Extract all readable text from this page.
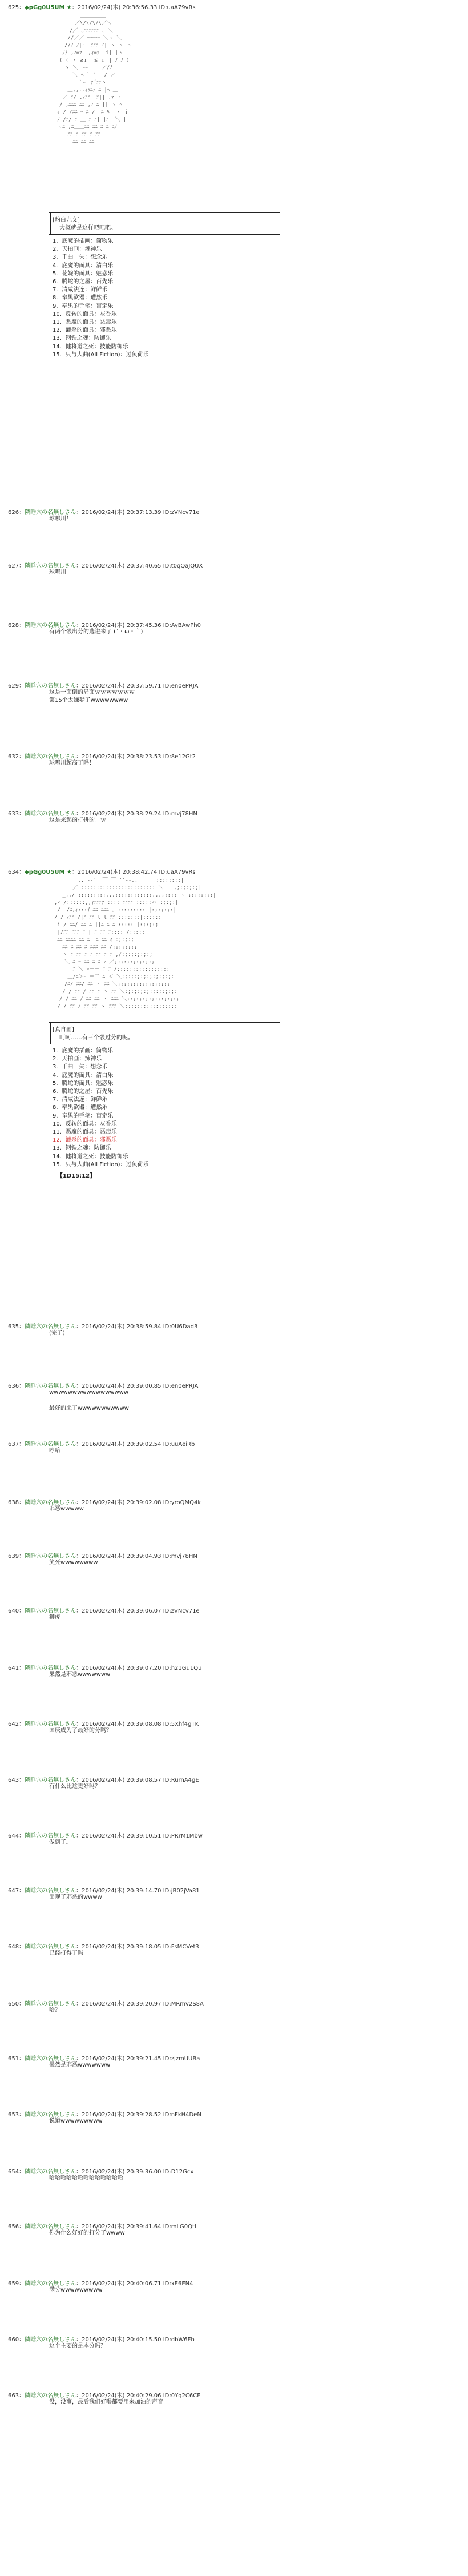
625：◆pGg0U5UM ★：2016/02/24(木) 20:36:56.33 ID:uaA79vRs
　　　　　　＿＿＿＿＿
　　　　　／\/\/\/\／＼
　　　　/／ ､ﾆﾆﾆﾆﾆﾆ ､ ＼
　　　 //／／ ｰｰｰｰｰ ＼ヽ ＼
　　　//ﾉ ﾉ|ﾄ  ﾆﾆﾆ ｲ| ヽ ヽ ヽ
　　 ﾉﾉ ,ｨ=ｧ  ,ｨ=ｧ  i| |ヽ
　　( ( ヽ ≧ｒ  ≦ ｒ | ﾉ ﾉ )
　　　ヽ ＼　ｰｰ　　 ／/ﾉ
　　　　 ＼ ﾍ ` ´ ＿/ ／
　　　　　 ｀ｰ－ｧ´ﾆﾆヽ
　　　 ＿,,..ｨｩﾆｧ ﾆ |ﾍ ＿
　　 ／ ﾆ/ ,ｨﾆﾆ  ﾆ|| ,ｧ ヽ
　　/ ,ﾆﾆﾆ ﾆﾆ ,ｨ ﾆ || ヽ ﾍ
　 ｨ / /ﾆﾆ ｰ ﾆ /  ﾆ ﾊ  ヽ ｉ
　 ﾉ /ﾆ/ ﾆ ＿ ﾆ ﾆ| |ﾆ  ＼ |
　 ヽﾆ ,ﾆ＿＿ﾆﾆ ﾆﾆ ﾆ ﾆ ﾆﾉ
　　　 ﾆﾆ ﾆ ﾆﾆ ﾆ ﾆﾆ
　　　　 ﾆﾆ ﾆﾆ ﾆﾆ
[豹白九文]
大概就是这样吧吧吧。
1．底魔的插画：简物乐
2．天拍画：辣神乐
3．千曲一失：想念乐
4．底魔的面具：清白乐
5．花婉的面具：魅惑乐
6．腾蛇的之屋：百先乐
7．清咸法连：鲜鲜乐
8．奉黑欲器：遭然乐
9．奉黑的手笔：盲定乐
10．反转的面具：灰香乐
11．恶魔的面具：恶毒乐
12．灌杀的面具：邪恶乐
13．钢铁之魂：防御乐
14．健将道之死：技能防御乐
15．只与大曲(All Fiction)：过负荷乐
626：隣睡穴の名無しさん：2016/02/24(木) 20:37:13.39 ID:zVNcv71e
球哪川！
627：隣睡穴の名無しさん：2016/02/24(木) 20:37:40.65 ID:t0qQaJQUX
球哪川
628：隣睡穴の名無しさん：2016/02/24(木) 20:37:45.36 ID:AyBAwPh0
有两个骰出分的选进来了 (´・ω・｀)
629：隣睡穴の名無しさん：2016/02/24(木) 20:37:59.71 ID:en0ePRJA
这是一面倒的局面ｗｗｗｗｗｗｗ
第15个太嫌疑了wwwwwwww
632：隣睡穴の名無しさん：2016/02/24(木) 20:38:23.53 ID:8e12Gt2
球哪川超高了吗！
633：隣睡穴の名無しさん：2016/02/24(木) 20:38:29.24 ID:mvj78HN
这是来起的打拼的！ｗ
634：◆pGg0U5UM ★：2016/02/24(木) 20:38:42.74 ID:uaA79vRs
　　　　　 ,. -‐'' ￣ ￣ ''‐-.,　　　 ;:;:;:;:|
　　　　 ／ :::::::::::::::::::::::: ＼　　,;:;:;:;|
　　 _,,/ :::::::::,,,::::::::::::,,,,:::: ヽ ;:;:;:;:|
　,∠_/::::::,,ｨﾆﾆﾆｧ :::: ﾆﾆﾆﾆ :::::ハ :;:;:|
　 /  /ﾆ,ｨ:::ｲ ﾆﾆ ﾆﾆﾆ ､ ::::::::: |:;:;:;:|
　/ / ｨﾆﾆ /|ﾆ ﾆﾆ l l ﾆﾆ :::::::|:;:;:;|
　 i / ﾆﾆ/ ﾆﾆ ﾆ ||ﾆ ﾆ ﾆ ::::: |:;:;:;
　 |/ﾆﾆ ﾆﾆﾆ ﾆ | ﾆ ﾆﾆ ﾆ:::: /:;:;:
　 ﾆﾆ ﾆﾆﾆﾆ ﾆﾆ ﾆ  ﾆ ﾆﾆ ｨ :;:;:;
　　 ﾆﾆ ﾆ ﾆﾆ ﾆ ﾆﾆﾆ ﾆﾆ /:;:;:;:;
　　 ヽ ﾆ ﾆﾆ ﾆ ﾆ ﾆﾆ ﾆ ﾆ ,/:;:;:;:;:;
　　　＼ ﾆ ｰ ﾆﾆ ﾆ ﾆ ｧ ／;:;:;:;:;:;:;
　　　　 ﾆ ＼ ｰ－－ ﾆ ﾆ /;:;:;:;:;:;:;:;:;
　　　 ＿/ﾆ＞ｰ ＝三 ﾆ ＜ ＼:;:;:;:;:;:;:;:;:
　　　/ﾆ/ ﾆﾆ/ ﾆﾆ ヽ ﾆﾆ ＼;:;:;:;:;:;:;:;:;
　　 / / ﾆﾆ / ﾆﾆ ﾆ ヽ ﾆﾆ ＼:;:;:;:;:;:;:;:;:
　　/ / ﾆﾆ / ﾆﾆ ﾆﾆ ヽ ﾆﾆﾆ ＼;:;:;:;:;:;:;:;:;
　 / / ﾆﾆ / ﾆﾆ ﾆﾆ ヽ ﾆﾆﾆ ＼;:;:;:;:;:;:;:;:;
[真自画]
呵呵……有三个骰过分的呢。
1．底魔的插画：简物乐
2．天拍画：辣神乐
3．千曲一失：想念乐
4．底魔的面具：清白乐
5．腾蛇的面具：魅惑乐
6．腾蛇的之屋：百先乐
7．清咸法连：鲜鲜乐
8．奉黑欲器：遭然乐
9．奉黑的手笔：盲定乐
10．反转的面具：灰香乐
11．恶魔的面具：恶毒乐
12．灌杀的面具：邪恶乐
13．钢铁之魂：防御乐
14．健将道之死：技能防御乐
15．只与大曲(All Fiction)：过负荷乐
【1D15:12】
635：隣睡穴の名無しさん：2016/02/24(木) 20:38:59.84 ID:0U6Dad3
(完了)
636：隣睡穴の名無しさん：2016/02/24(木) 20:39:00.85 ID:en0ePRJA
wwwwwwwwwwwwwwwww

最好的来了wwwwwwwwwww
637：隣睡穴の名無しさん：2016/02/24(木) 20:39:02.54 ID:uuAeiRb
哼哈
638：隣睡穴の名無しさん：2016/02/24(木) 20:39:02.08 ID:yroQMQ4k
邪恶wwwww
639：隣睡穴の名無しさん：2016/02/24(木) 20:39:04.93 ID:mvj78HN
笑死wwwwwwww
640：隣睡穴の名無しさん：2016/02/24(木) 20:39:06.07 ID:zVNcv71e
狮虎
641：隣睡穴の名無しさん：2016/02/24(木) 20:39:07.20 ID:h21Gu1Qu
果然是邪恶wwwwwww
642：隣睡穴の名無しさん：2016/02/24(木) 20:39:08.08 ID:5Xhf4gTK
国庆成为了最好的分吗？
643：隣睡穴の名無しさん：2016/02/24(木) 20:39:08.57 ID:RurnA4gE
有什么比这更好吗？
644：隣睡穴の名無しさん：2016/02/24(木) 20:39:10.51 ID:PRrM1Mbw
做到了。
647：隣睡穴の名無しさん：2016/02/24(木) 20:39:14.70 ID:jB02jVa81
出现了邪恶的wwww
648：隣睡穴の名無しさん：2016/02/24(木) 20:39:18.05 ID:FsMCVet3
已经打得了吗
650：隣睡穴の名無しさん：2016/02/24(木) 20:39:20.97 ID:MRmv2S8A
哈？
651：隣睡穴の名無しさん：2016/02/24(木) 20:39:21.45 ID:zjzmUUBa
果然是邪恶wwwwwww
653：隣睡穴の名無しさん：2016/02/24(木) 20:39:28.52 ID:nFkH4DeN
说道wwwwwwwww
654：隣睡穴の名無しさん：2016/02/24(木) 20:39:36.00 ID:D12Gcx
哈哈哈哈哈哈哈哈哈哈哈哈哈
656：隣睡穴の名無しさん：2016/02/24(木) 20:39:41.64 ID:mLG0Qtl
你为什么好好的打分了wwww
659：隣睡穴の名無しさん：2016/02/24(木) 20:40:06.71 ID:xE6EN4
满分wwwwwwwww
660：隣睡穴の名無しさん：2016/02/24(木) 20:40:15.50 ID:dbW6Fb
这个主要的是本分吗？
663：隣睡穴の名無しさん：2016/02/24(木) 20:40:29.06 ID:0Yg2C6CF
没，没事，最后我们好喝都要用来加油的声音
